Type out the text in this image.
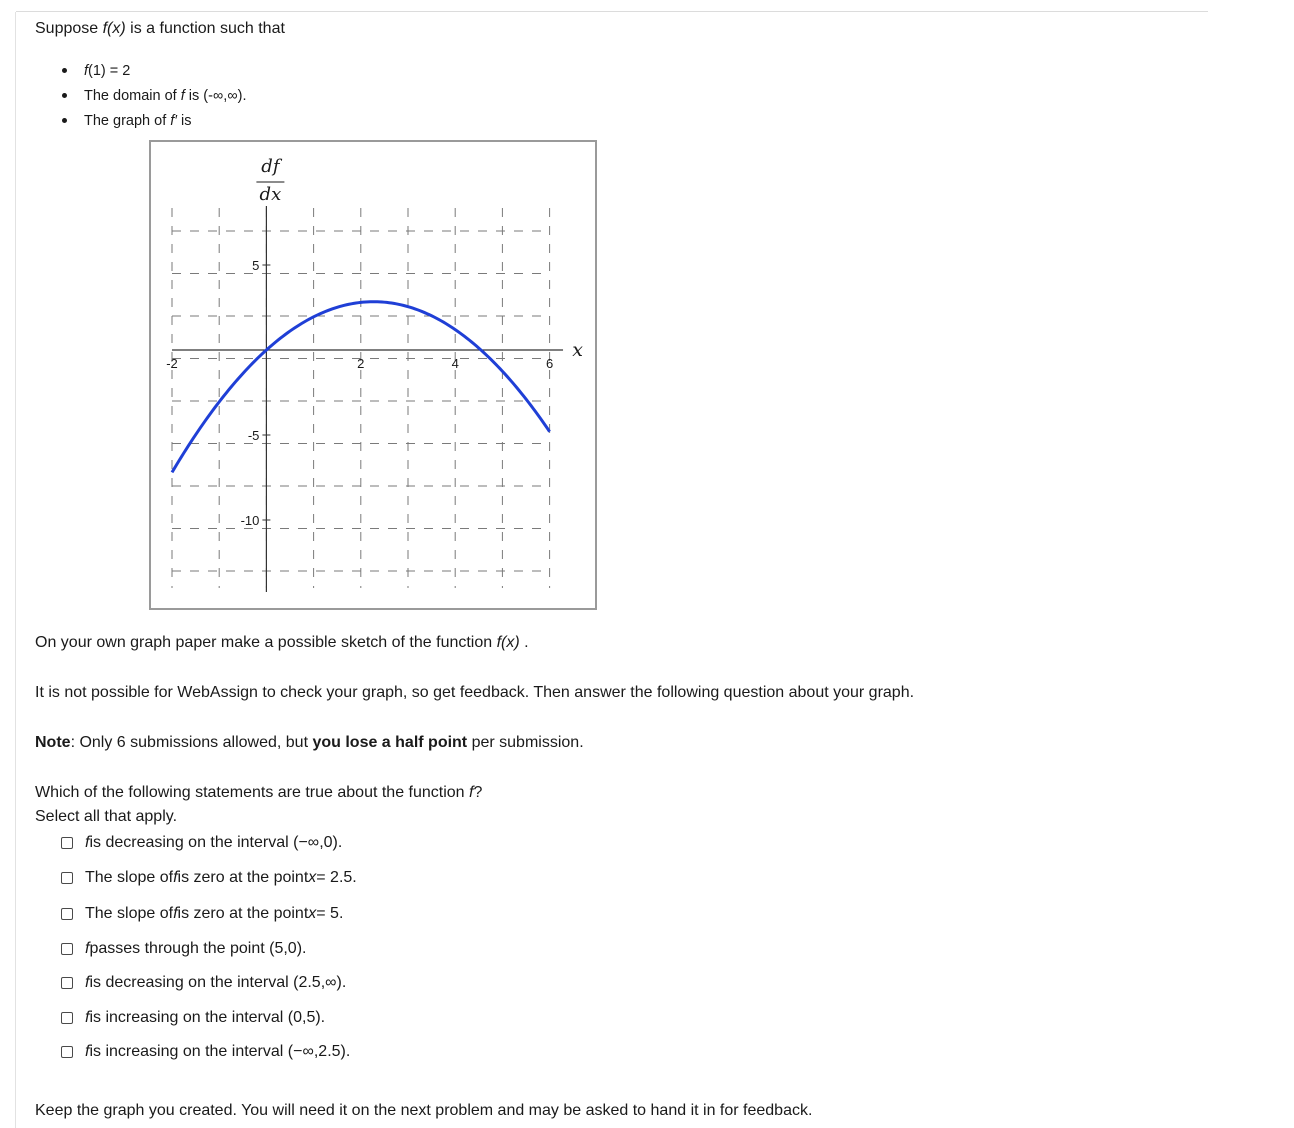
Suppose f(x) is a function such that
f(1) = 2
The domain of f is (-∞,∞).
The graph of f′ is
-2	2	4	6
5
-5
-10
df
dx
x
On your own graph paper make a possible sketch of the function f(x) .
It is not possible for WebAssign to check your graph, so get feedback. Then answer the following question about your graph.
Note: Only 6 submissions allowed, but you lose a half point per submission.
Which of the following statements are true about the function f?
Select all that apply.
f is decreasing on the interval (−∞,0).
The slope of f is zero at the point x = 2.5.
The slope of f is zero at the point x = 5.
f passes through the point (5,0).
f is decreasing on the interval (2.5,∞).
f is increasing on the interval (0,5).
f is increasing on the interval (−∞,2.5).
Keep the graph you created. You will need it on the next problem and may be asked to hand it in for feedback.
